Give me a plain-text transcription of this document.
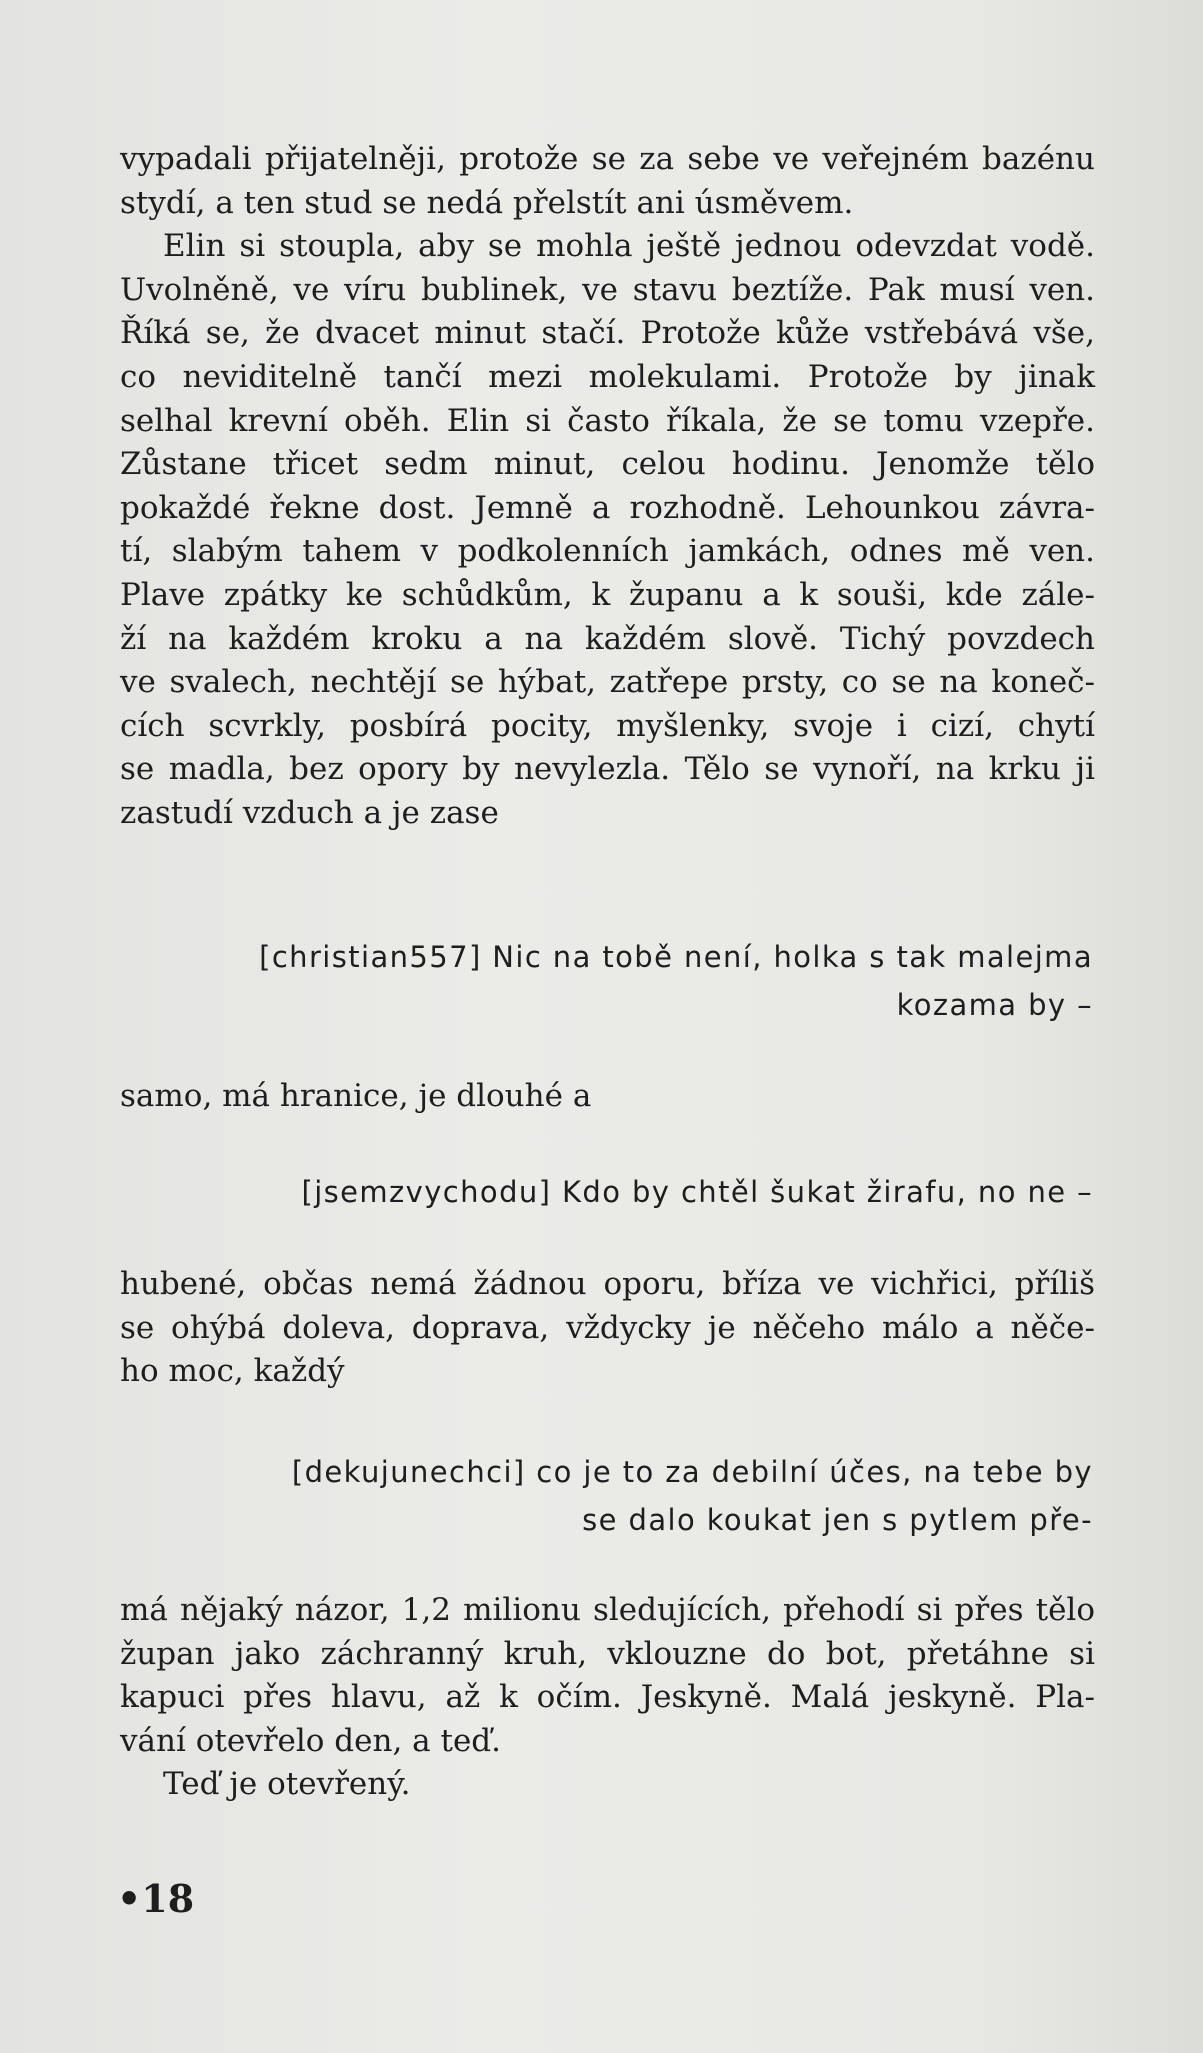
vypadali přijatelněji, protože se za sebe ve veřejném bazénu
stydí, a ten stud se nedá přelstít ani úsměvem.
Elin si stoupla, aby se mohla ještě jednou odevzdat vodě.
Uvolněně, ve víru bublinek, ve stavu beztíže. Pak musí ven.
Říká se, že dvacet minut stačí. Protože kůže vstřebává vše,
co neviditelně tančí mezi molekulami. Protože by jinak
selhal krevní oběh. Elin si často říkala, že se tomu vzepře.
Zůstane třicet sedm minut, celou hodinu. Jenomže tělo
pokaždé řekne dost. Jemně a rozhodně. Lehounkou závra-
tí, slabým tahem v podkolenních jamkách, odnes mě ven.
Plave zpátky ke schůdkům, k županu a k souši, kde zále-
ží na každém kroku a na každém slově. Tichý povzdech
ve svalech, nechtějí se hýbat, zatřepe prsty, co se na koneč-
cích scvrkly, posbírá pocity, myšlenky, svoje i cizí, chytí
se madla, bez opory by nevylezla. Tělo se vynoří, na krku ji
zastudí vzduch a je zase
[christian557] Nic na tobě není, holka s tak malejma
kozama by –
samo, má hranice, je dlouhé a
[jsemzvychodu] Kdo by chtěl šukat žirafu, no ne –
hubené, občas nemá žádnou oporu, bříza ve vichřici, příliš
se ohýbá doleva, doprava, vždycky je něčeho málo a něče-
ho moc, každý
[dekujunechci] co je to za debilní účes, na tebe by
se dalo koukat jen s pytlem pře-
má nějaký názor, 1,2 milionu sledujících, přehodí si přes tělo
župan jako záchranný kruh, vklouzne do bot, přetáhne si
kapuci přes hlavu, až k očím. Jeskyně. Malá jeskyně. Pla-
vání otevřelo den, a teď.
Teď je otevřený.
•18
